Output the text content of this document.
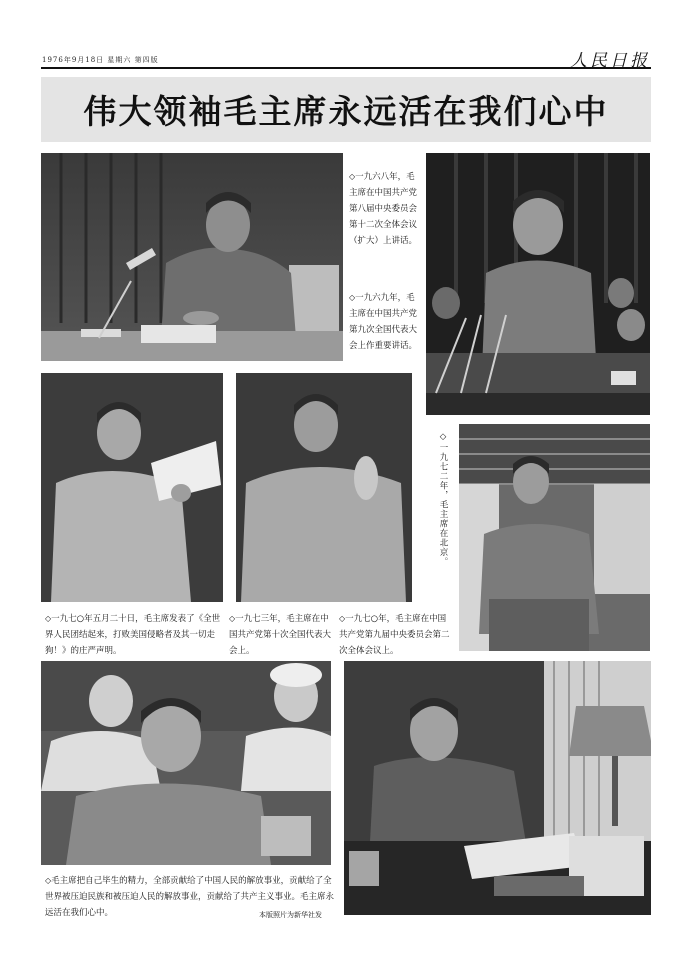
1976年9月18日 星期六 第四版	人民日报
伟大领袖毛主席永远活在我们心中
◇一九六八年，毛主席在中国共产党第八届中央委员会第十二次全体会议（扩大）上讲话。
◇一九六九年，毛主席在中国共产党第九次全国代表大会上作重要讲话。
◇一九七二年，毛主席在北京。
◇一九七○年五月二十日，毛主席发表了《全世界人民团结起来，打败美国侵略者及其一切走狗！》的庄严声明。
◇一九七三年，毛主席在中国共产党第十次全国代表大会上。
◇一九七○年，毛主席在中国共产党第九届中央委员会第二次全体会议上。
◇毛主席把自己毕生的精力，全部贡献给了中国人民的解放事业，贡献给了全世界被压迫民族和被压迫人民的解放事业，贡献给了共产主义事业。毛主席永远活在我们心中。	本版照片为新华社发
